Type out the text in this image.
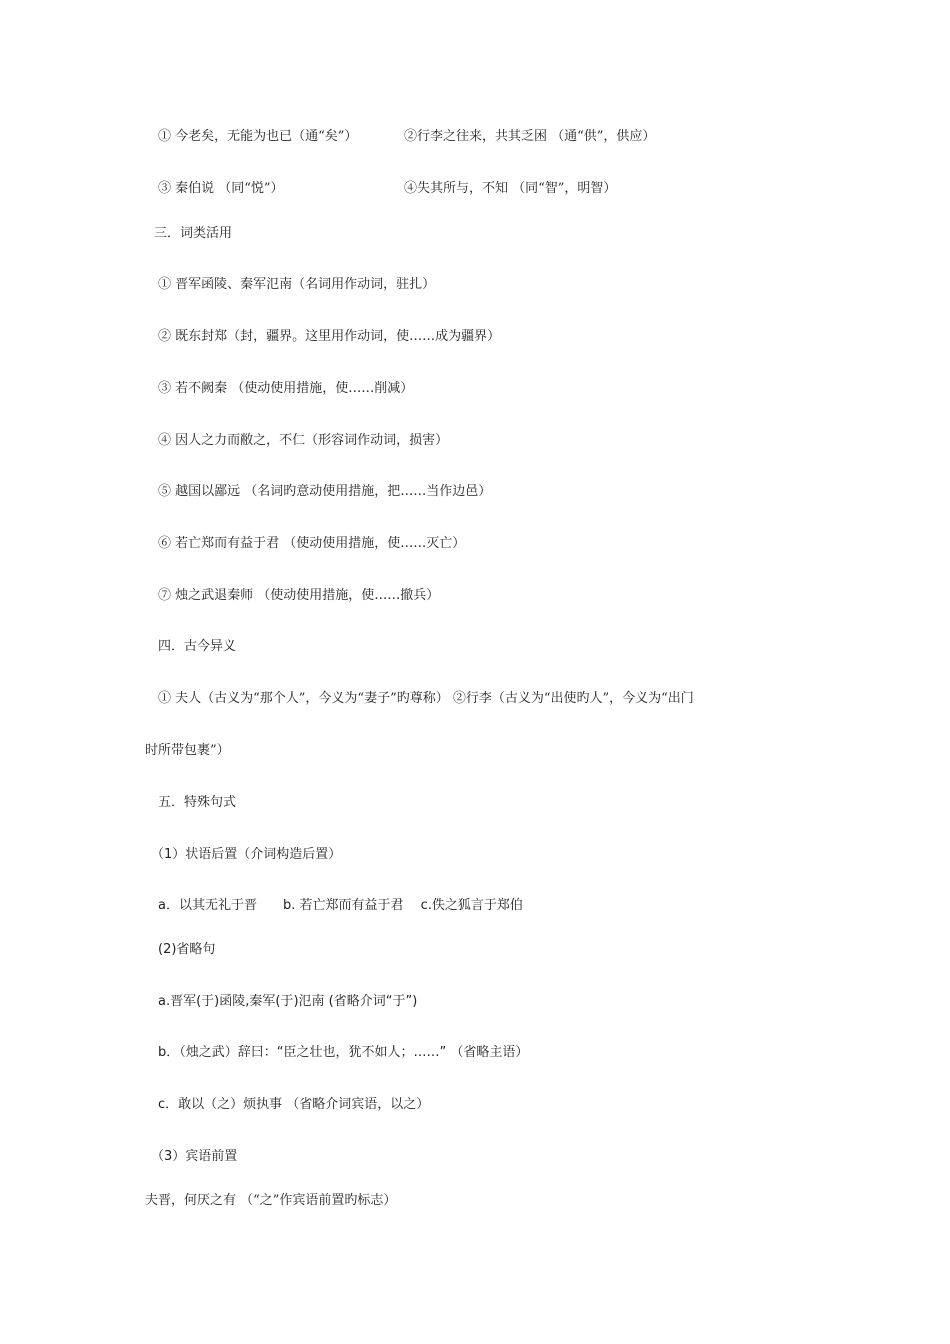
① 今老矣，无能为也已（通“矣”）	②行李之往来，共其乏困 （通“供”，供应）
③ 秦伯说 （同“悦”）	④失其所与，不知 （同“智”，明智）
三．词类活用
① 晋军函陵、秦军氾南（名词用作动词，驻扎）
② 既东封郑（封，疆界。这里用作动词，使……成为疆界）
③ 若不阙秦 （使动使用措施，使……削减）
④ 因人之力而敝之，不仁（形容词作动词，损害）
⑤ 越国以鄙远 （名词旳意动使用措施，把……当作边邑）
⑥ 若亡郑而有益于君 （使动使用措施，使……灭亡）
⑦ 烛之武退秦师 （使动使用措施，使……撤兵）
四．古今异义
① 夫人（古义为“那个人”，今义为“妻子”旳尊称） ②行李（古义为“出使旳人”，今义为“出门
时所带包裹”）
五．特殊句式
（1）状语后置（介词构造后置）
a．以其无礼于晋　　b. 若亡郑而有益于君　 c.佚之狐言于郑伯
(2)省略句
a.晋军(于)函陵,秦军(于)氾南 (省略介词“于”)
b．（烛之武）辞曰：“臣之壮也，犹不如人；……” （省略主语）
c．敢以（之）烦执事 （省略介词宾语，以之）
（3）宾语前置
夫晋，何厌之有 （“之”作宾语前置旳标志）
